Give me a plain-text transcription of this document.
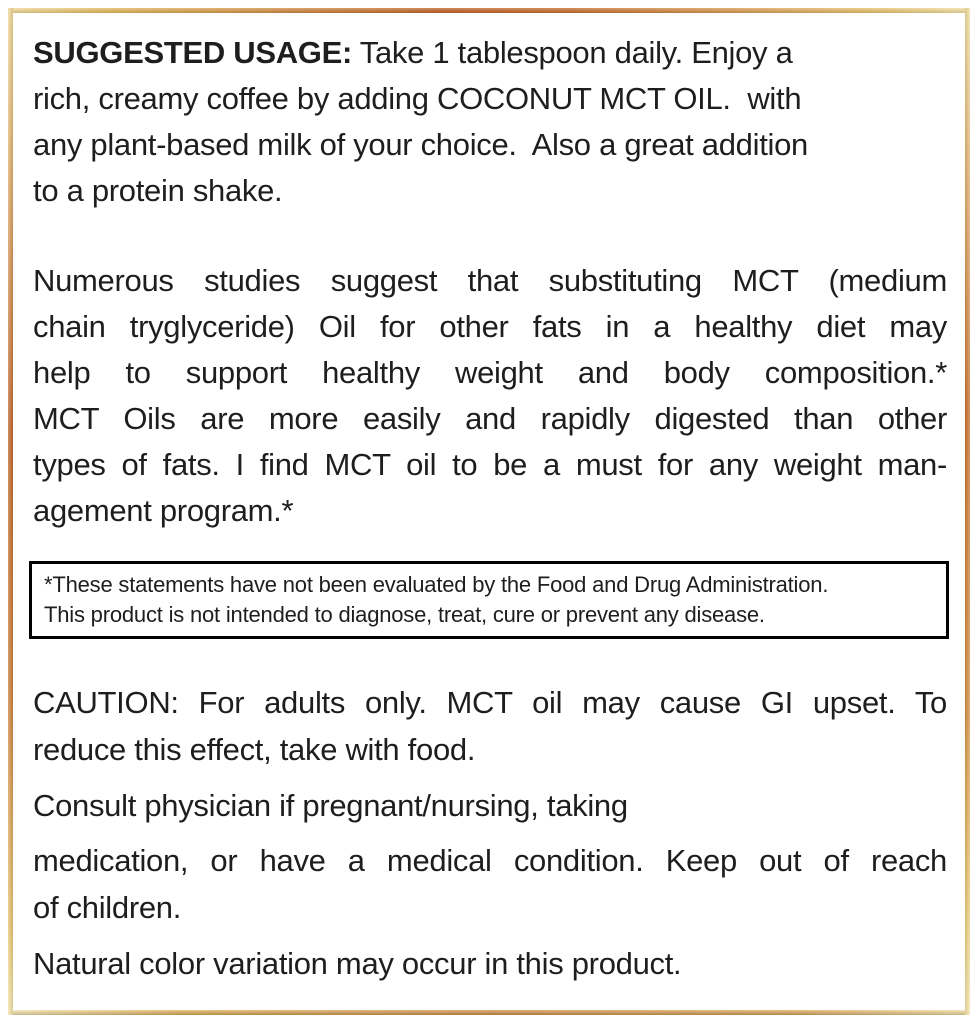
SUGGESTED USAGE: Take 1 tablespoon daily. Enjoy a
rich, creamy coffee by adding COCONUT MCT OIL.  with
any plant-based milk of your choice.  Also a great addition
to a protein shake.
Numerous studies suggest that substituting MCT (medium
chain tryglyceride) Oil for other fats in a healthy diet may
help to support healthy weight and body composition.*
MCT Oils are more easily and rapidly digested than other
types of fats. I find MCT oil to be a must for any weight man-
agement program.*
*These statements have not been evaluated by the Food and Drug Administration.
This product is not intended to diagnose, treat, cure or prevent any disease.
CAUTION: For adults only. MCT oil may cause GI upset. To
reduce this effect, take with food.
Consult physician if pregnant/nursing, taking
medication, or have a medical condition. Keep out of reach
of children.
Natural color variation may occur in this product.
